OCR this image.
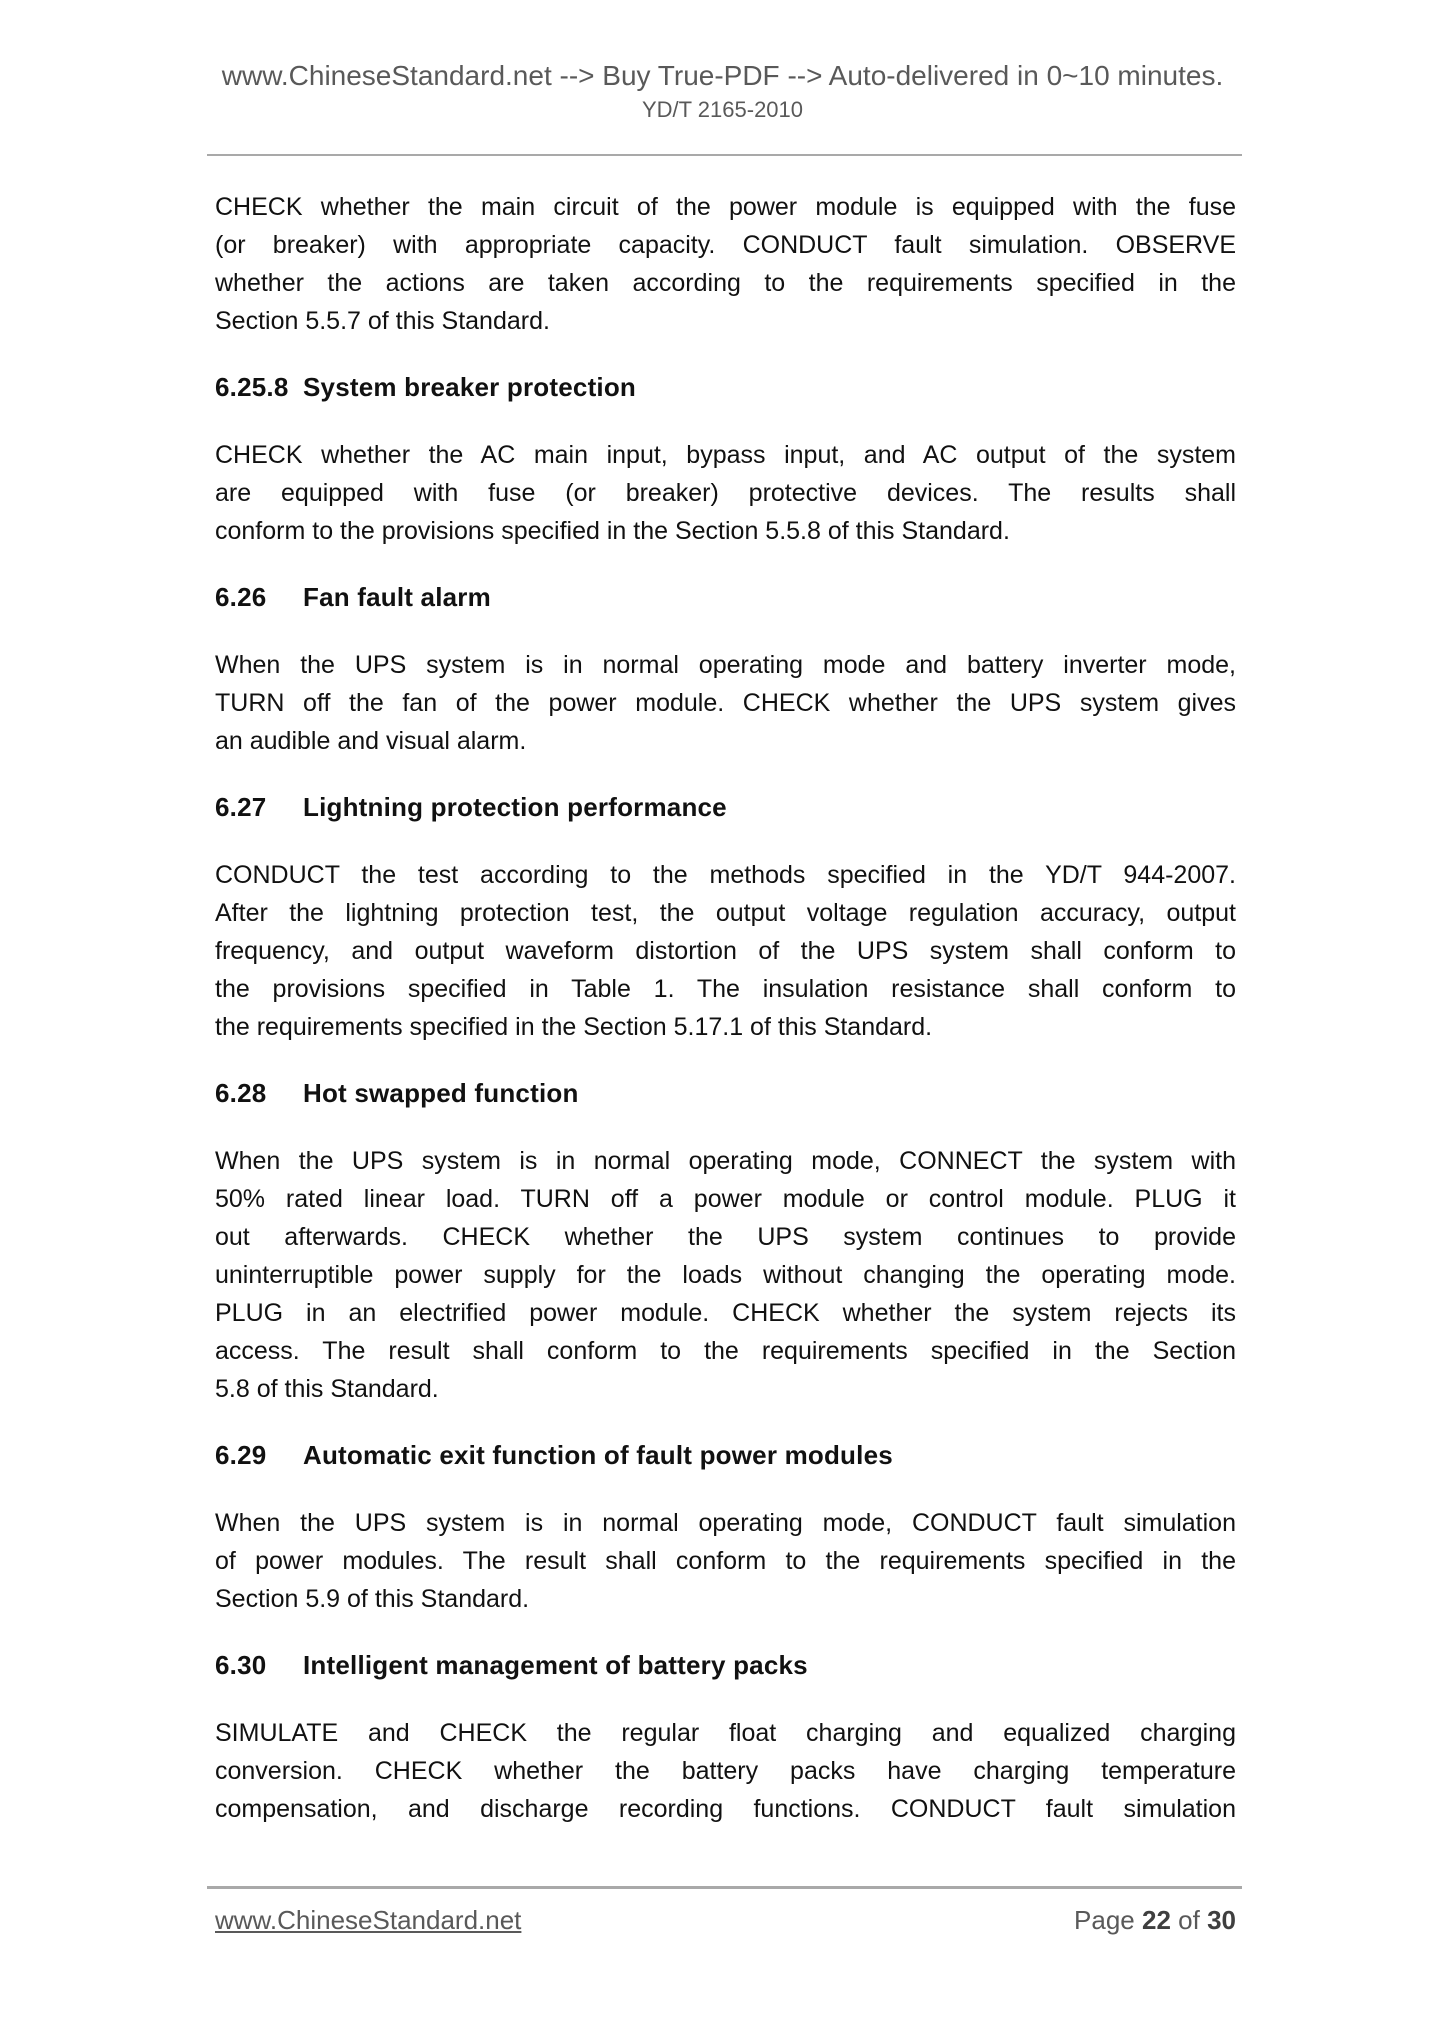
www.ChineseStandard.net --> Buy True-PDF --> Auto-delivered in 0~10 minutes.
YD/T 2165-2010
CHECK whether the main circuit of the power module is equipped with the fuse
(or breaker) with appropriate capacity. CONDUCT fault simulation. OBSERVE
whether the actions are taken according to the requirements specified in the
Section 5.5.7 of this Standard.
6.25.8 System breaker protection
CHECK whether the AC main input, bypass input, and AC output of the system
are equipped with fuse (or breaker) protective devices. The results shall
conform to the provisions specified in the Section 5.5.8 of this Standard.
6.26	Fan fault alarm
When the UPS system is in normal operating mode and battery inverter mode,
TURN off the fan of the power module. CHECK whether the UPS system gives
an audible and visual alarm.
6.27	Lightning protection performance
CONDUCT the test according to the methods specified in the YD/T 944-2007.
After the lightning protection test, the output voltage regulation accuracy, output
frequency, and output waveform distortion of the UPS system shall conform to
the provisions specified in Table 1. The insulation resistance shall conform to
the requirements specified in the Section 5.17.1 of this Standard.
6.28	Hot swapped function
When the UPS system is in normal operating mode, CONNECT the system with
50% rated linear load. TURN off a power module or control module. PLUG it
out afterwards. CHECK whether the UPS system continues to provide
uninterruptible power supply for the loads without changing the operating mode.
PLUG in an electrified power module. CHECK whether the system rejects its
access. The result shall conform to the requirements specified in the Section
5.8 of this Standard.
6.29	Automatic exit function of fault power modules
When the UPS system is in normal operating mode, CONDUCT fault simulation
of power modules. The result shall conform to the requirements specified in the
Section 5.9 of this Standard.
6.30	Intelligent management of battery packs
SIMULATE and CHECK the regular float charging and equalized charging
conversion. CHECK whether the battery packs have charging temperature
compensation, and discharge recording functions. CONDUCT fault simulation
www.ChineseStandard.net	Page 22 of 30
